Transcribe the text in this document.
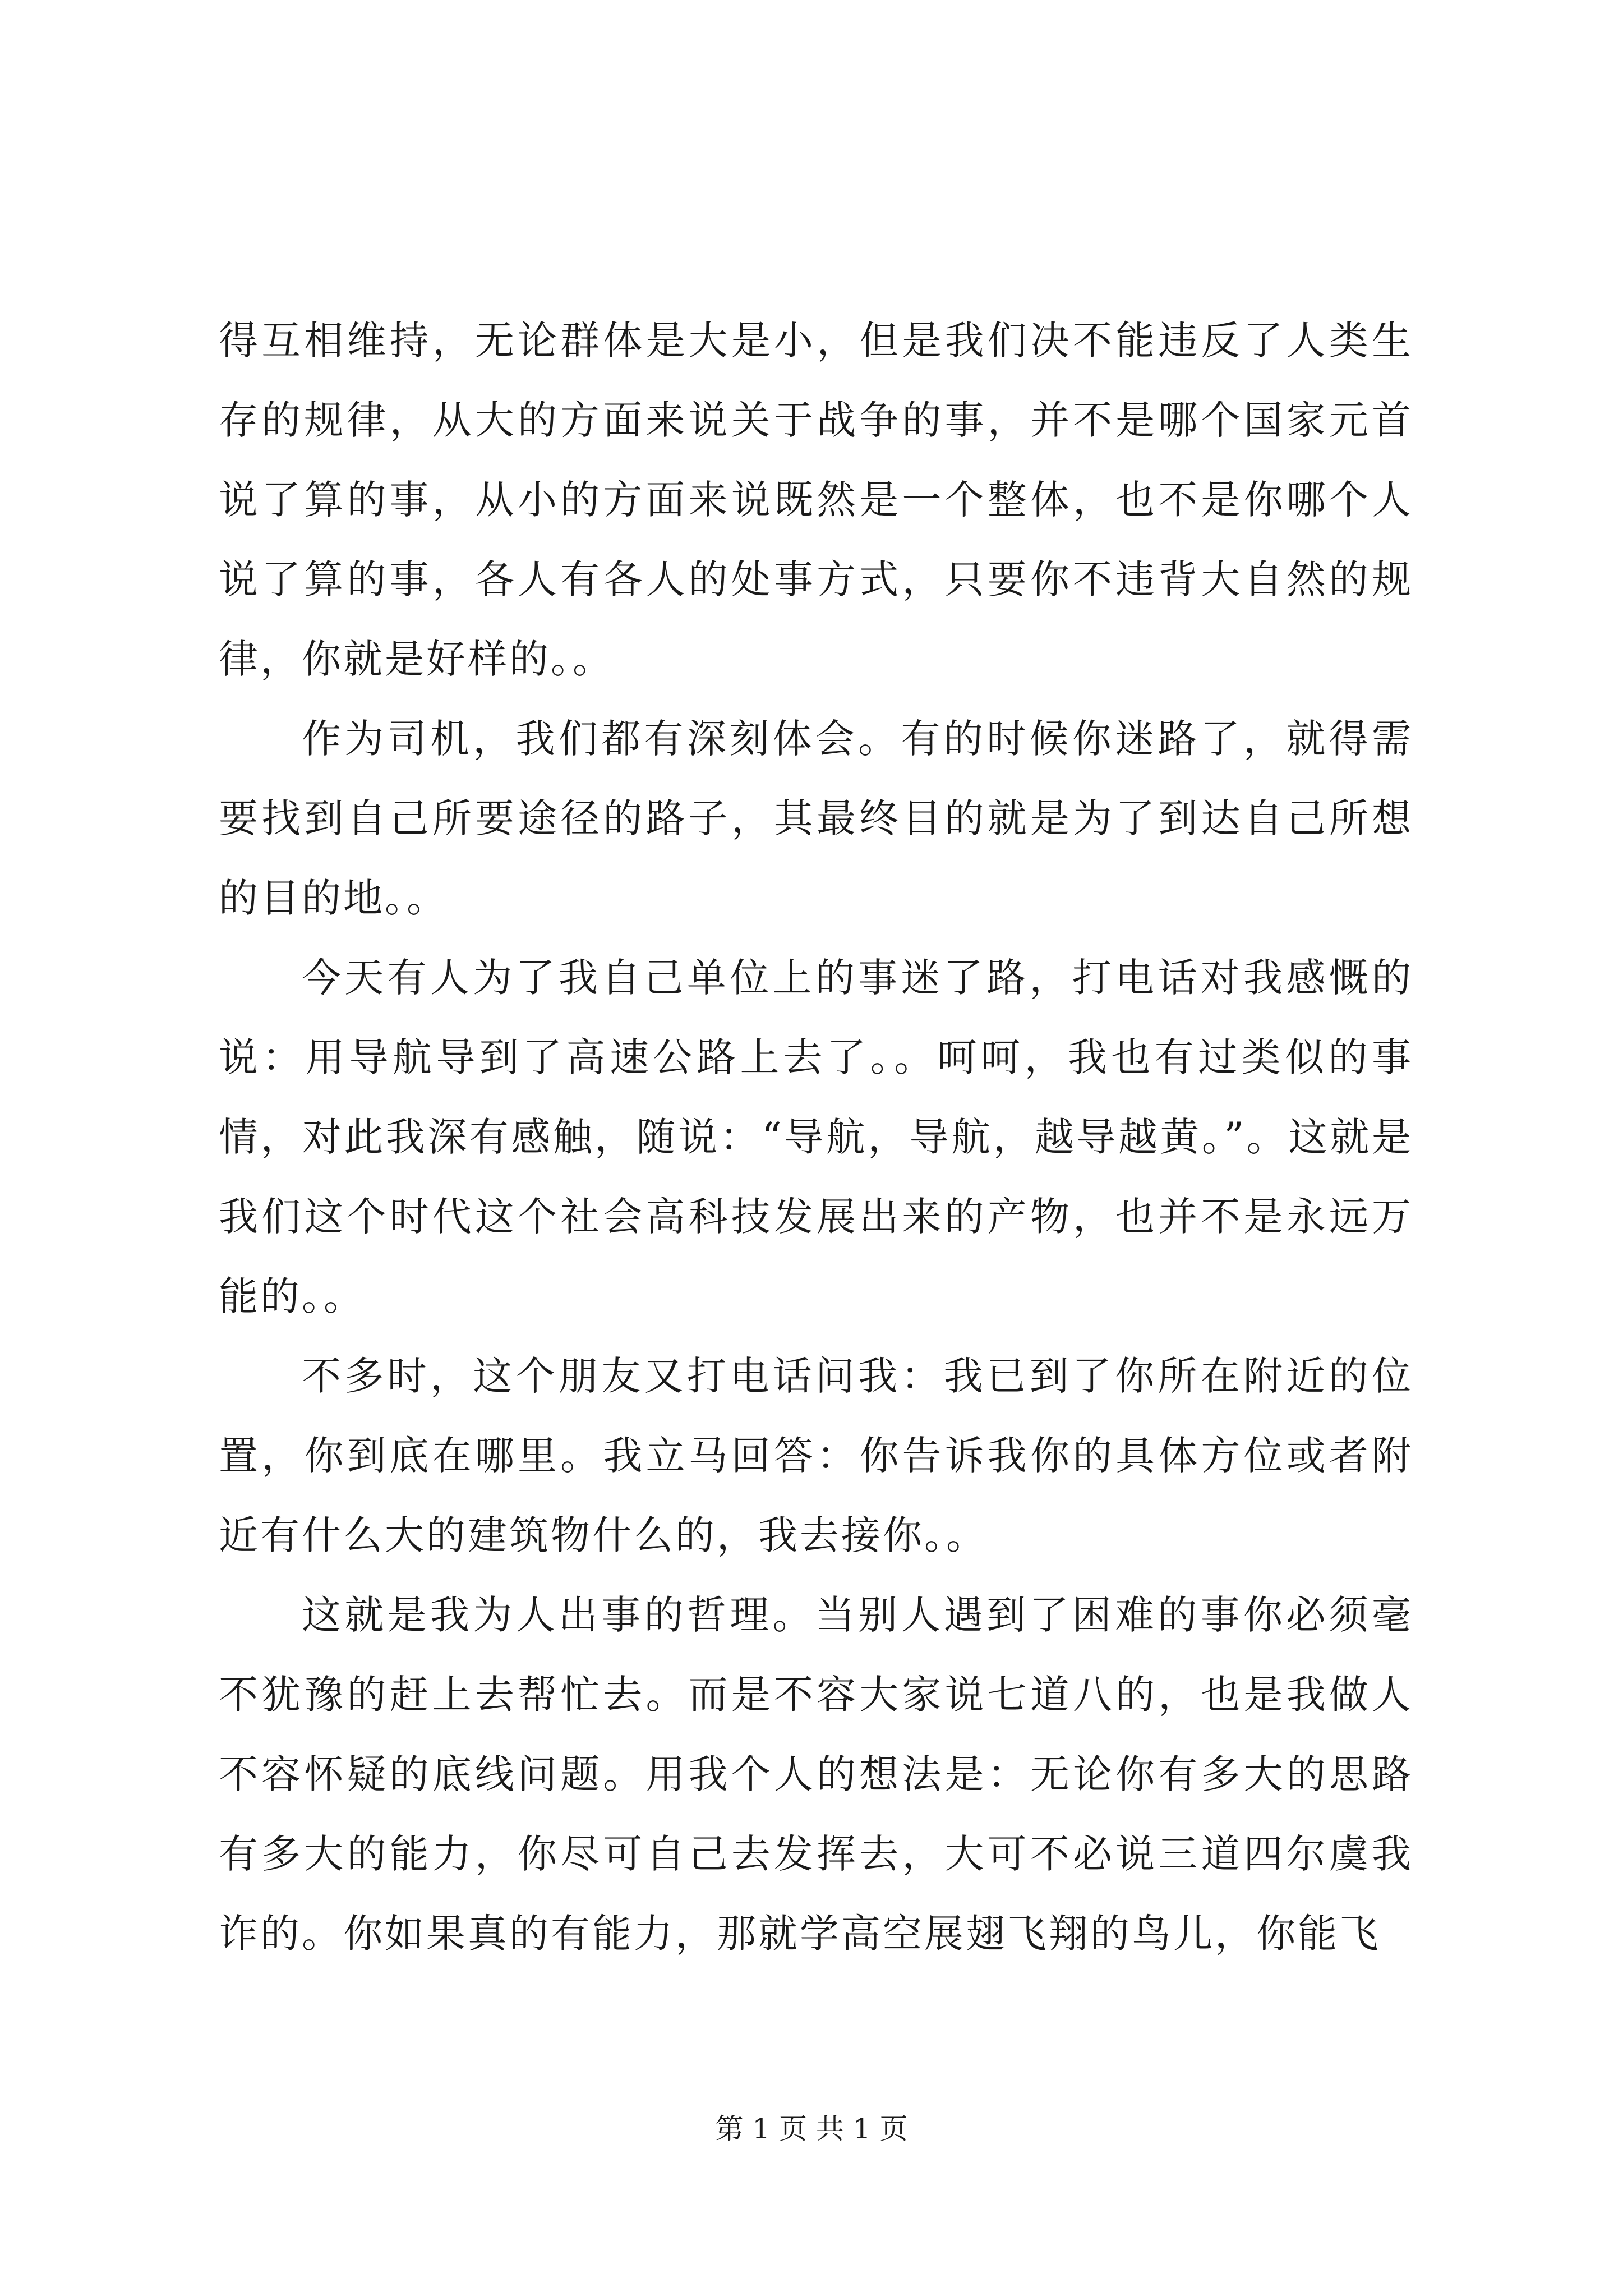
得互相维持，无论群体是大是小，但是我们决不能违反了人类生存的规律，从大的方面来说关于战争的事，并不是哪个国家元首说了算的事，从小的方面来说既然是一个整体，也不是你哪个人说了算的事，各人有各人的处事方式，只要你不违背大自然的规律，你就是好样的。。

作为司机，我们都有深刻体会。有的时候你迷路了，就得需要找到自己所要途径的路子，其最终目的就是为了到达自己所想的目的地。。

今天有人为了我自己单位上的事迷了路，打电话对我感慨的说：用导航导到了高速公路上去了。。呵呵，我也有过类似的事情，对此我深有感触，随说：“导航，导航，越导越黄。”。这就是我们这个时代这个社会高科技发展出来的产物，也并不是永远万能的。。

不多时，这个朋友又打电话问我：我已到了你所在附近的位置，你到底在哪里。我立马回答：你告诉我你的具体方位或者附近有什么大的建筑物什么的，我去接你。。

这就是我为人出事的哲理。当别人遇到了困难的事你必须毫不犹豫的赶上去帮忙去。而是不容大家说七道八的，也是我做人不容怀疑的底线问题。用我个人的想法是：无论你有多大的思路有多大的能力，你尽可自己去发挥去，大可不必说三道四尔虞我诈的。你如果真的有能力，那就学高空展翅飞翔的鸟儿，你能飞

第 1 页 共 1 页
